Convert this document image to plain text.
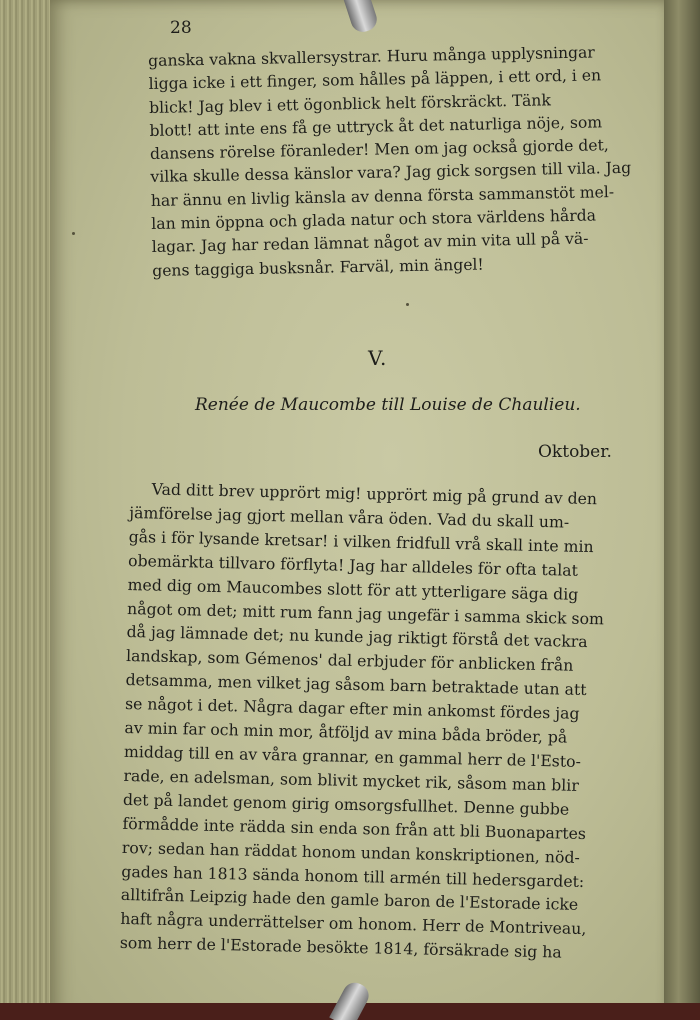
28
ganska vakna skvallersystrar. Huru många upplysningar
ligga icke i ett finger, som hålles på läppen, i ett ord, i en
blick! Jag blev i ett ögonblick helt förskräckt. Tänk
blott! att inte ens få ge uttryck åt det naturliga nöje, som
dansens rörelse föranleder! Men om jag också gjorde det,
vilka skulle dessa känslor vara? Jag gick sorgsen till vila. Jag
har ännu en livlig känsla av denna första sammanstöt mel-
lan min öppna och glada natur och stora världens hårda
lagar. Jag har redan lämnat något av min vita ull på vä-
gens taggiga busksnår. Farväl, min ängel!
V.
Renée de Maucombe till Louise de Chaulieu.
Oktober.
Vad ditt brev upprört mig! upprört mig på grund av den
jämförelse jag gjort mellan våra öden. Vad du skall um-
gås i för lysande kretsar! i vilken fridfull vrå skall inte min
obemärkta tillvaro förflyta! Jag har alldeles för ofta talat
med dig om Maucombes slott för att ytterligare säga dig
något om det; mitt rum fann jag ungefär i samma skick som
då jag lämnade det; nu kunde jag riktigt förstå det vackra
landskap, som Gémenos' dal erbjuder för anblicken från
detsamma, men vilket jag såsom barn betraktade utan att
se något i det. Några dagar efter min ankomst fördes jag
av min far och min mor, åtföljd av mina båda bröder, på
middag till en av våra grannar, en gammal herr de l'Esto-
rade, en adelsman, som blivit mycket rik, såsom man blir
det på landet genom girig omsorgsfullhet. Denne gubbe
förmådde inte rädda sin enda son från att bli Buonapartes
rov; sedan han räddat honom undan konskriptionen, nöd-
gades han 1813 sända honom till armén till hedersgardet:
alltifrån Leipzig hade den gamle baron de l'Estorade icke
haft några underrättelser om honom. Herr de Montriveau,
som herr de l'Estorade besökte 1814, försäkrade sig ha
